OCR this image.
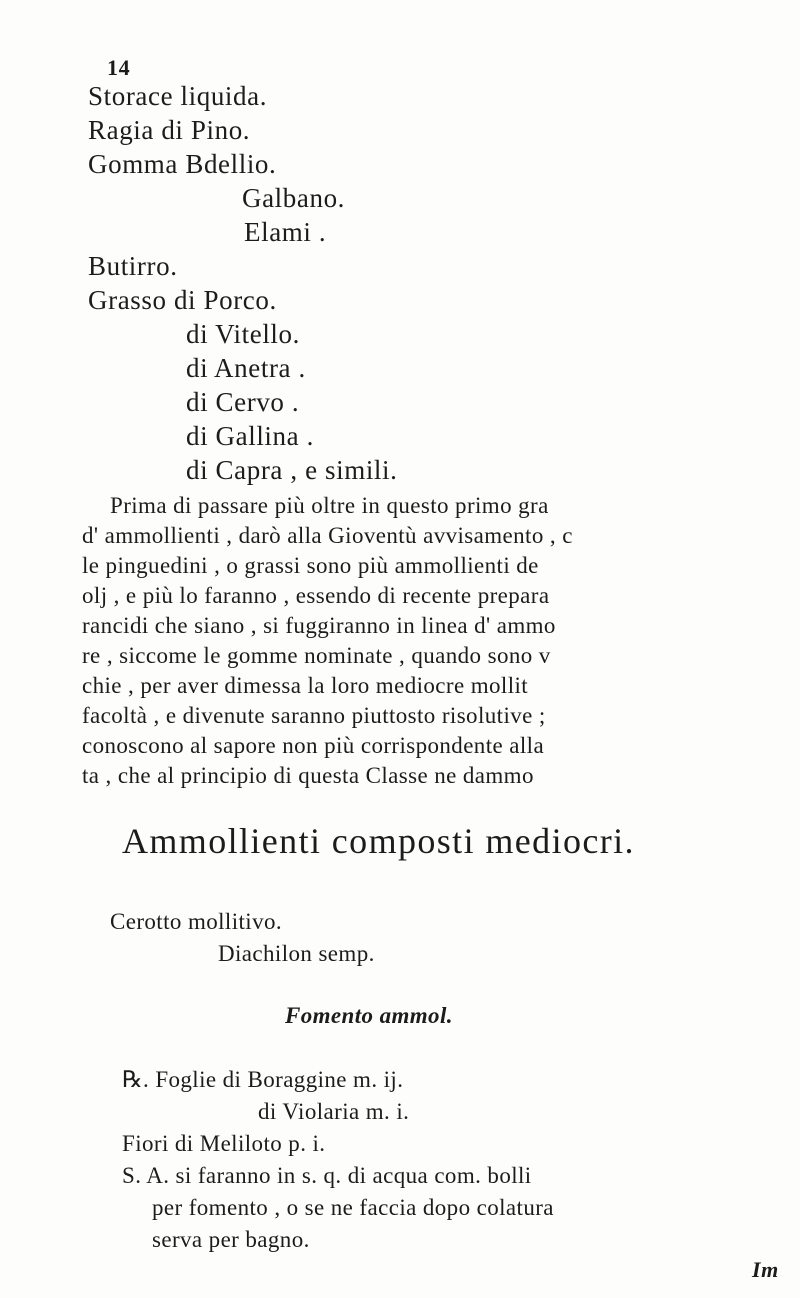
14
Storace liquida.
Ragia di Pino.
Gomma Bdellio.
Galbano.
Elami .
Butirro.
Grasso di Porco.
di Vitello.
di Anetra .
di Cervo .
di Gallina .
di Capra , e simili.
Prima di passare più oltre in questo primo gra
d' ammollienti , darò alla Gioventù avvisamento , c
le pinguedini , o grassi sono più ammollienti de
olj , e più lo faranno , essendo di recente prepara
rancidi che siano , si fuggiranno in linea d' ammo
re , siccome le gomme nominate , quando sono v
chie , per aver dimessa la loro mediocre mollit
facoltà , e divenute saranno piuttosto risolutive ;
conoscono al sapore non più corrispondente alla
ta , che al principio di questa Classe ne dammo
Ammollienti composti mediocri.
Cerotto mollitivo.
Diachilon semp.
Fomento ammol.
℞. Foglie di Boraggine m. ij.
di Violaria m. i.
Fiori di Meliloto p. i.
S. A. si faranno in s. q. di acqua com. bolli
per fomento , o se ne faccia dopo colatura
serva per bagno.
Im
